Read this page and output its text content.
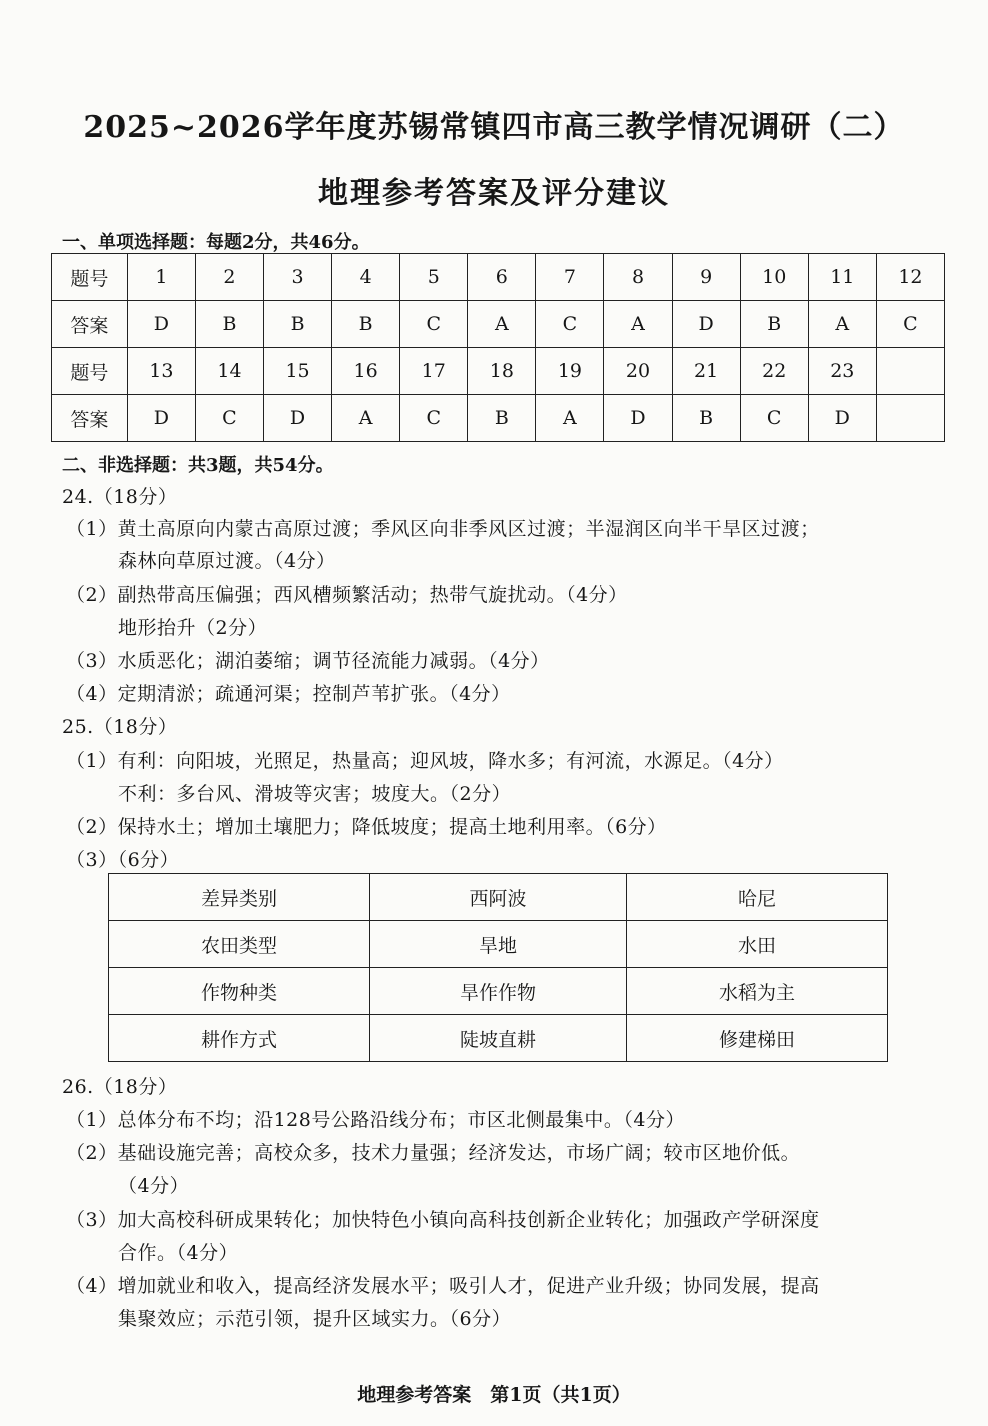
2025~2026学年度苏锡常镇四市高三教学情况调研（二）
地理参考答案及评分建议
一、单项选择题：每题2分，共46分。
题号	1	2	3	4	5	6	7	8	9	10	11	12
答案	D	B	B	B	C	A	C	A	D	B	A	C
题号	13	14	15	16	17	18	19	20	21	22	23	
答案	D	C	D	A	C	B	A	D	B	C	D	
二、非选择题：共3题，共54分。
24.（18分）
（1）黄土高原向内蒙古高原过渡；季风区向非季风区过渡；半湿润区向半干旱区过渡；
森林向草原过渡。（4分）
（2）副热带高压偏强；西风槽频繁活动；热带气旋扰动。（4分）
地形抬升（2分）
（3）水质恶化；湖泊萎缩；调节径流能力减弱。（4分）
（4）定期清淤；疏通河渠；控制芦苇扩张。（4分）
25.（18分）
（1）有利：向阳坡，光照足，热量高；迎风坡，降水多；有河流，水源足。（4分）
不利：多台风、滑坡等灾害；坡度大。（2分）
（2）保持水土；增加土壤肥力；降低坡度；提高土地利用率。（6分）
（3）（6分）
差异类别	西阿波	哈尼
农田类型	旱地	水田
作物种类	旱作作物	水稻为主
耕作方式	陡坡直耕	修建梯田
26.（18分）
（1）总体分布不均；沿128号公路沿线分布；市区北侧最集中。（4分）
（2）基础设施完善；高校众多，技术力量强；经济发达，市场广阔；较市区地价低。
（4分）
（3）加大高校科研成果转化；加快特色小镇向高科技创新企业转化；加强政产学研深度
合作。（4分）
（4）增加就业和收入，提高经济发展水平；吸引人才，促进产业升级；协同发展，提高
集聚效应；示范引领，提升区域实力。（6分）
地理参考答案　第1页（共1页）
